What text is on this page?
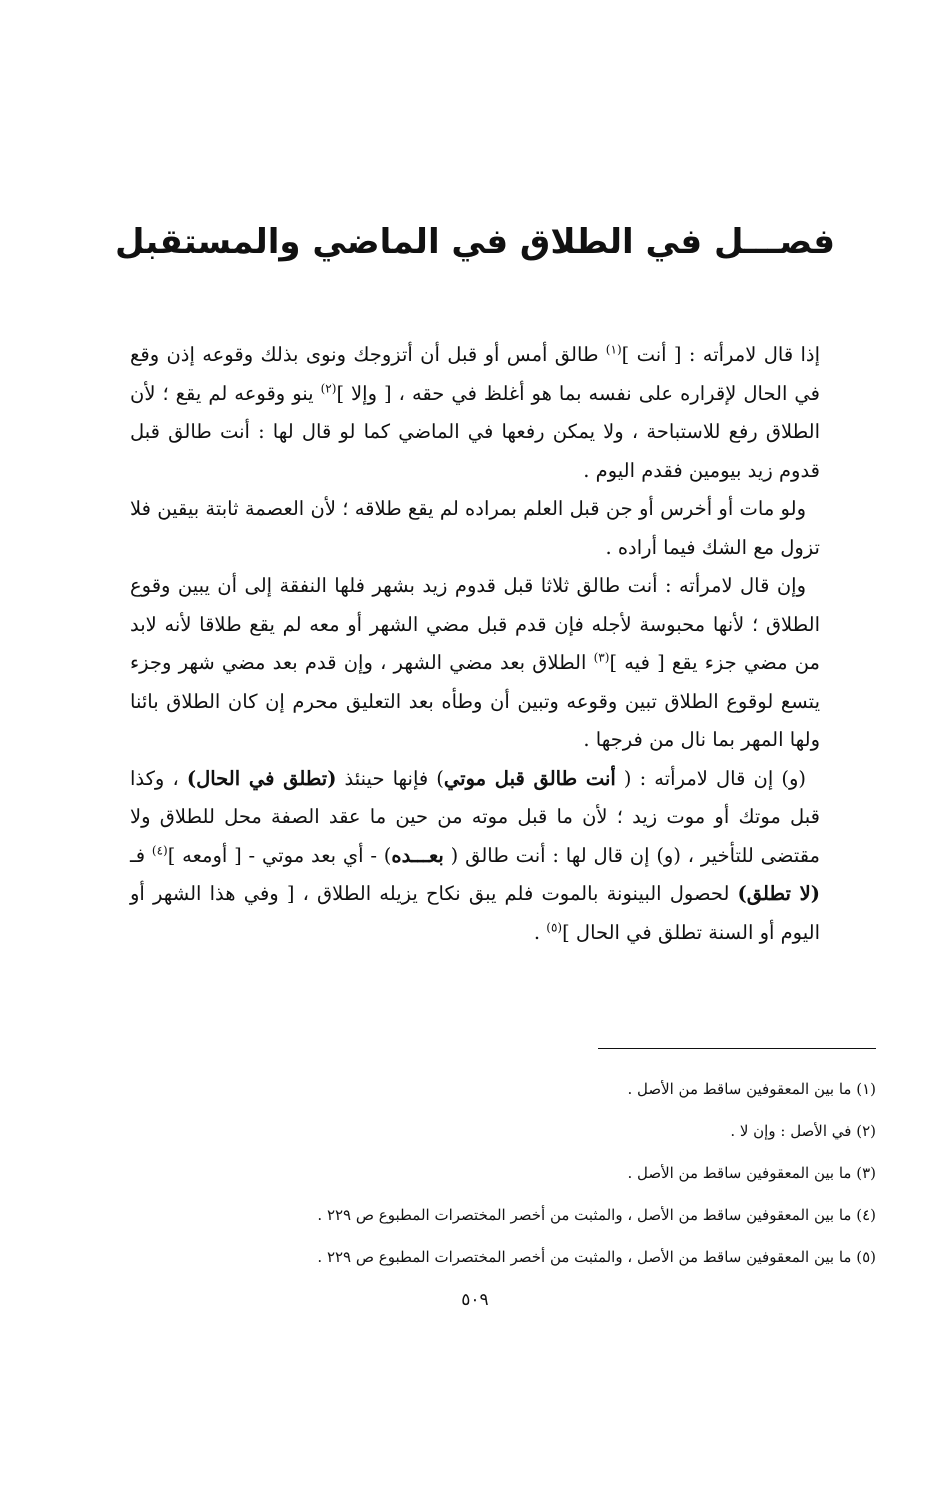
فصـــل في الطلاق في الماضي والمستقبل

إذا قال لامرأته : [ أنت ]$^{(١)}$ طالق أمس أو قبل أن أتزوجك ونوى بذلك وقوعه إذن وقع في الحال لإقراره على نفسه بما هو أغلظ في حقه ، [ وإلا ]$^{(٢)}$ ينو وقوعه لم يقع ؛ لأن الطلاق رفع للاستباحة ، ولا يمكن رفعها في الماضي كما لو قال لها : أنت طالق قبل قدوم زيد بيومين فقدم اليوم .

ولو مات أو أخرس أو جن قبل العلم بمراده لم يقع طلاقه ؛ لأن العصمة ثابتة بيقين فلا تزول مع الشك فيما أراده .

وإن قال لامرأته : أنت طالق ثلاثا قبل قدوم زيد بشهر فلها النفقة إلى أن يبين وقوع الطلاق ؛ لأنها محبوسة لأجله فإن قدم قبل مضي الشهر أو معه لم يقع طلاقا لأنه لابد من مضي جزء يقع [ فيه ]$^{(٣)}$ الطلاق بعد مضي الشهر ، وإن قدم بعد مضي شهر وجزء يتسع لوقوع الطلاق تبين وقوعه وتبين أن وطأه بعد التعليق محرم إن كان الطلاق بائنا ولها المهر بما نال من فرجها .

(و) إن قال لامرأته : ( أنت طالق قبل موتي) فإنها حينئذ (تطلق في الحال) ، وكذا قبل موتك أو موت زيد ؛ لأن ما قبل موته من حين ما عقد الصفة محل للطلاق ولا مقتضى للتأخير ، (و) إن قال لها : أنت طالق ( بعـــده) - أي بعد موتي - [ أومعه ]$^{(٤)}$ فـ (لا تطلق) لحصول البينونة بالموت فلم يبق نكاح يزيله الطلاق ، [ وفي هذا الشهر أو اليوم أو السنة تطلق في الحال ]$^{(٥)}$ .

(١) ما بين المعقوفين ساقط من الأصل .
(٢) في الأصل : وإن لا .
(٣) ما بين المعقوفين ساقط من الأصل .
(٤) ما بين المعقوفين ساقط من الأصل ، والمثبت من أخصر المختصرات المطبوع ص ٢٢٩ .
(٥) ما بين المعقوفين ساقط من الأصل ، والمثبت من أخصر المختصرات المطبوع ص ٢٢٩ .
٥٠٩
